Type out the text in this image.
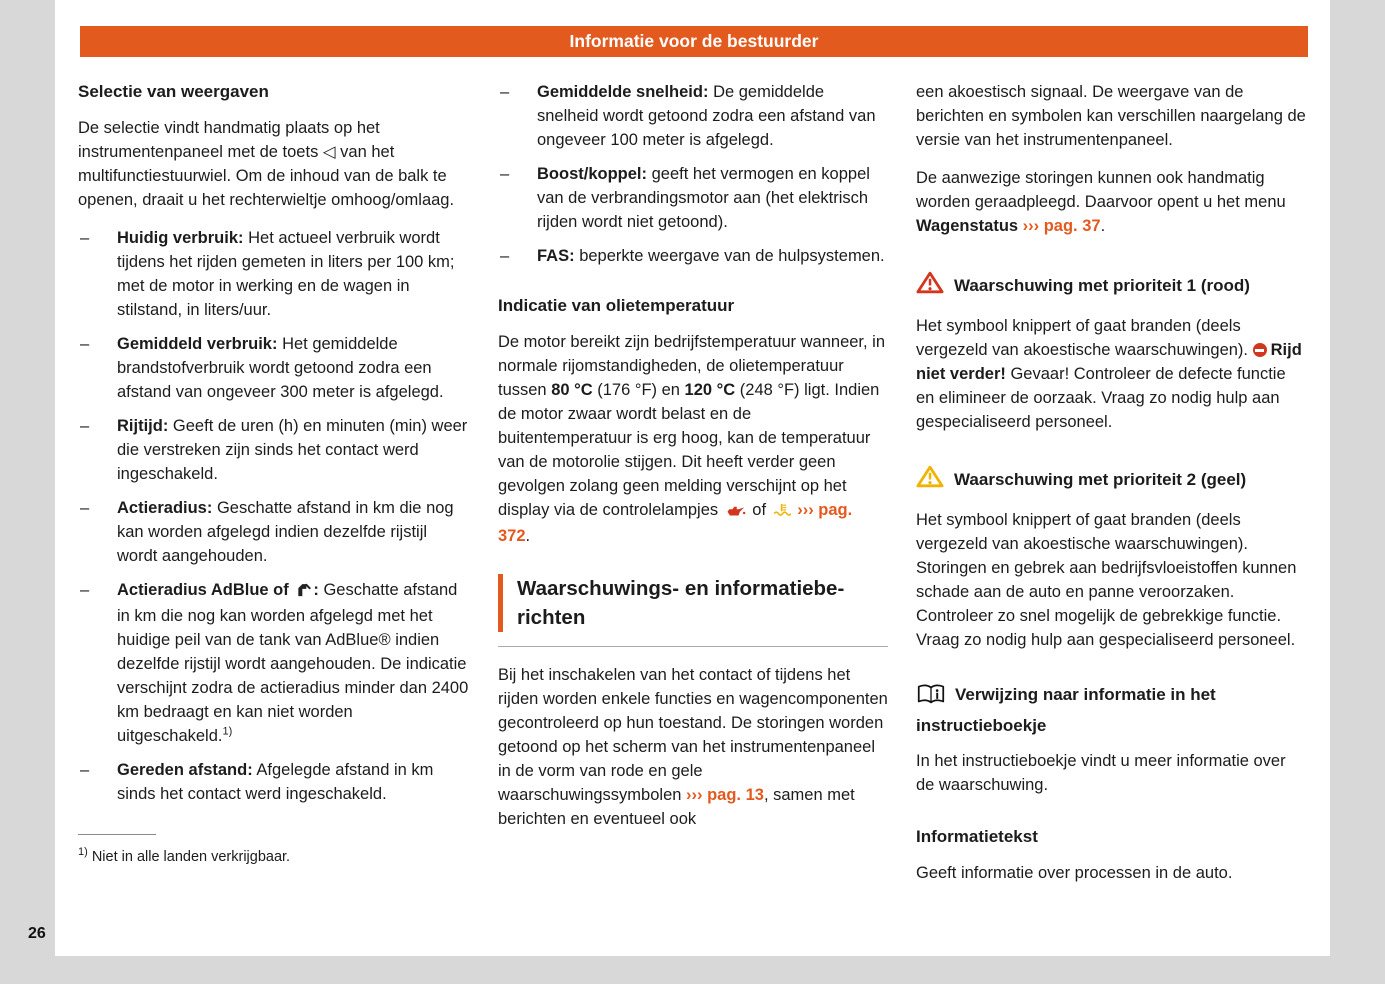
Informatie voor de bestuurder
Selectie van weergaven

De selectie vindt handmatig plaats op het instrumentenpaneel met de toets ◁ van het multifunctiestuurwiel. Om de inhoud van de balk te openen, draait u het rechterwieltje omhoog/omlaag.

– Huidig verbruik: Het actueel verbruik wordt tijdens het rijden gemeten in liters per 100 km; met de motor in werking en de wagen in stilstand, in liters/uur.
– Gemiddeld verbruik: Het gemiddelde brandstofverbruik wordt getoond zodra een afstand van ongeveer 300 meter is afgelegd.
– Rijtijd: Geeft de uren (h) en minuten (min) weer die verstreken zijn sinds het contact werd ingeschakeld.
– Actieradius: Geschatte afstand in km die nog kan worden afgelegd indien dezelfde rijstijl wordt aangehouden.
– Actieradius AdBlue of : Geschatte afstand in km die nog kan worden afgelegd met het huidige peil van de tank van AdBlue® indien dezelfde rijstijl wordt aangehouden. De indicatie verschijnt zodra de actieradius minder dan 2400 km bedraagt en kan niet worden uitgeschakeld.$^{1)}$
– Gereden afstand: Afgelegde afstand in km sinds het contact werd ingeschakeld.
$^{1)}$ Niet in alle landen verkrijgbaar.
– Gemiddelde snelheid: De gemiddelde snelheid wordt getoond zodra een afstand van ongeveer 100 meter is afgelegd.
– Boost/koppel: geeft het vermogen en koppel van de verbrandingsmotor aan (het elektrisch rijden wordt niet getoond).
– FAS: beperkte weergave van de hulpsystemen.
Indicatie van olietemperatuur

De motor bereikt zijn bedrijfstemperatuur wanneer, in normale rijomstandigheden, de olietemperatuur tussen 80 °C (176 °F) en 120 °C (248 °F) ligt. Indien de motor zwaar wordt belast en de buitentemperatuur is erg hoog, kan de temperatuur van de motorolie stijgen. Dit heeft verder geen gevolgen zolang geen melding verschijnt op het display via de controlelampjes  of  ››› pag. 372.

Waarschuwings- en informatiebe-
richten

Bij het inschakelen van het contact of tijdens het rijden worden enkele functies en wagencomponenten gecontroleerd op hun toestand. De storingen worden getoond op het scherm van het instrumentenpaneel in de vorm van rode en gele waarschuwingssymbolen ››› pag. 13, samen met berichten en eventueel ook

een akoestisch signaal. De weergave van de berichten en symbolen kan verschillen naargelang de versie van het instrumentenpaneel.

De aanwezige storingen kunnen ook handmatig worden geraadpleegd. Daarvoor opent u het menu Wagenstatus ››› pag. 37.

Waarschuwing met prioriteit 1 (rood)

Het symbool knippert of gaat branden (deels vergezeld van akoestische waarschuwingen). Rijd niet verder! Gevaar! Controleer de defecte functie en elimineer de oorzaak. Vraag zo nodig hulp aan gespecialiseerd personeel.

Waarschuwing met prioriteit 2 (geel)

Het symbool knippert of gaat branden (deels vergezeld van akoestische waarschuwingen). Storingen en gebrek aan bedrijfsvloeistoffen kunnen schade aan de auto en panne veroorzaken. Controleer zo snel mogelijk de gebrekkige functie. Vraag zo nodig hulp aan gespecialiseerd personeel.

Verwijzing naar informatie in het instructieboekje

In het instructieboekje vindt u meer informatie over de waarschuwing.

Informatietekst

Geeft informatie over processen in de auto.

26
